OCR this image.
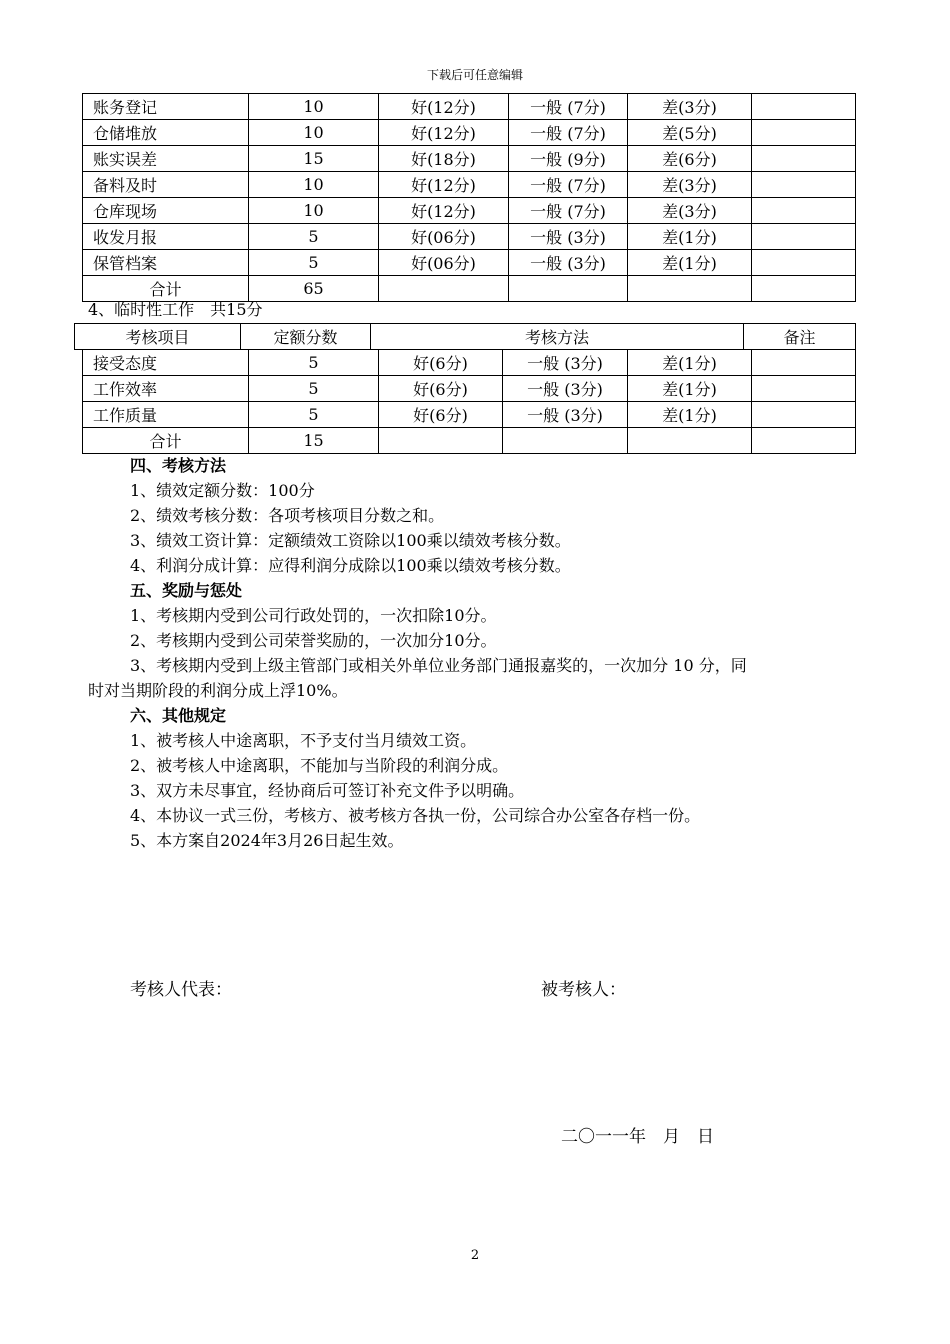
下载后可任意编辑
账务登记	10	好(12分)	一般 (7分)	差(3分)	
仓储堆放	10	好(12分)	一般 (7分)	差(5分)	
账实误差	15	好(18分)	一般 (9分)	差(6分)	
备料及时	10	好(12分)	一般 (7分)	差(3分)	
仓库现场	10	好(12分)	一般 (7分)	差(3分)	
收发月报	5	好(06分)	一般 (3分)	差(1分)	
保管档案	5	好(06分)	一般 (3分)	差(1分)	
合计	65				
4、临时性工作　共15分
考核项目	定额分数	考核方法	备注
接受态度	5	好(6分)	一般 (3分)	差(1分)	
工作效率	5	好(6分)	一般 (3分)	差(1分)	
工作质量	5	好(6分)	一般 (3分)	差(1分)	
合计	15				
四、考核方法
1、绩效定额分数：100分
2、绩效考核分数：各项考核项目分数之和。
3、绩效工资计算：定额绩效工资除以100乘以绩效考核分数。
4、利润分成计算：应得利润分成除以100乘以绩效考核分数。
五、奖励与惩处
1、考核期内受到公司行政处罚的，一次扣除10分。
2、考核期内受到公司荣誉奖励的，一次加分10分。
3、考核期内受到上级主管部门或相关外单位业务部门通报嘉奖的，一次加分 10 分，同
时对当期阶段的利润分成上浮10%。
六、其他规定
1、被考核人中途离职，不予支付当月绩效工资。
2、被考核人中途离职，不能加与当阶段的利润分成。
3、双方未尽事宜，经协商后可签订补充文件予以明确。
4、本协议一式三份，考核方、被考核方各执一份，公司综合办公室各存档一份。
5、本方案自2024年3月26日起生效。
考核人代表：	被考核人：
二〇一一年　月　日
2
